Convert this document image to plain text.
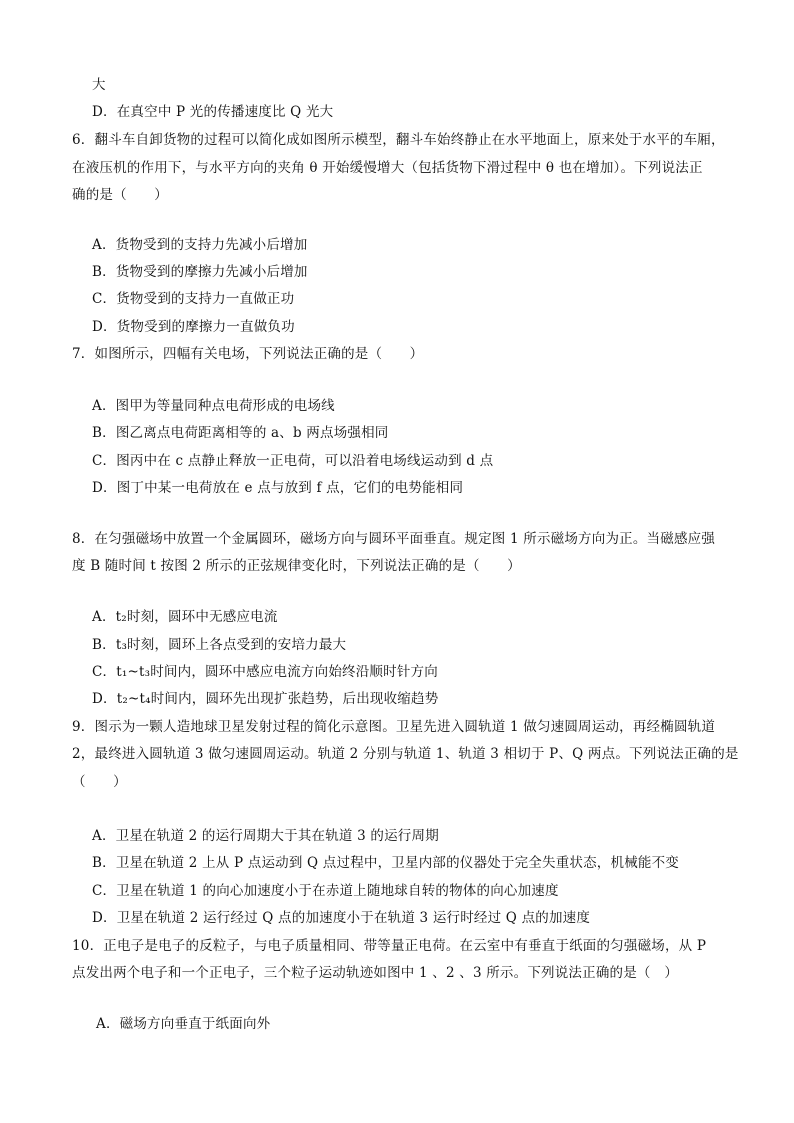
大
D．在真空中 P 光的传播速度比 Q 光大
6．翻斗车自卸货物的过程可以简化成如图所示模型，翻斗车始终静止在水平地面上，原来处于水平的车厢，
在液压机的作用下，与水平方向的夹角 θ 开始缓慢增大（包括货物下滑过程中 θ 也在增加）。下列说法正
确的是（　　）
A．货物受到的支持力先减小后增加
B．货物受到的摩擦力先减小后增加
C．货物受到的支持力一直做正功
D．货物受到的摩擦力一直做负功
7．如图所示，四幅有关电场，下列说法正确的是（　　）
A．图甲为等量同种点电荷形成的电场线
B．图乙离点电荷距离相等的 a、b 两点场强相同
C．图丙中在 c 点静止释放一正电荷，可以沿着电场线运动到 d 点
D．图丁中某一电荷放在 e 点与放到 f 点，它们的电势能相同
8．在匀强磁场中放置一个金属圆环，磁场方向与圆环平面垂直。规定图 1 所示磁场方向为正。当磁感应强
度 B 随时间 t 按图 2 所示的正弦规律变化时，下列说法正确的是（　　）
A．t₂时刻，圆环中无感应电流
B．t₃时刻，圆环上各点受到的安培力最大
C．t₁~t₃时间内，圆环中感应电流方向始终沿顺时针方向
D．t₂~t₄时间内，圆环先出现扩张趋势，后出现收缩趋势
9．图示为一颗人造地球卫星发射过程的简化示意图。卫星先进入圆轨道 1 做匀速圆周运动，再经椭圆轨道
2，最终进入圆轨道 3 做匀速圆周运动。轨道 2 分别与轨道 1、轨道 3 相切于 P、Q 两点。下列说法正确的是
（　　）
A．卫星在轨道 2 的运行周期大于其在轨道 3 的运行周期
B．卫星在轨道 2 上从 P 点运动到 Q 点过程中，卫星内部的仪器处于完全失重状态，机械能不变
C．卫星在轨道 1 的向心加速度小于在赤道上随地球自转的物体的向心加速度
D．卫星在轨道 2 运行经过 Q 点的加速度小于在轨道 3 运行时经过 Q 点的加速度
10．正电子是电子的反粒子，与电子质量相同、带等量正电荷。在云室中有垂直于纸面的匀强磁场，从 P
点发出两个电子和一个正电子，三个粒子运动轨迹如图中 1 、2 、3 所示。下列说法正确的是（　）
A．磁场方向垂直于纸面向外
